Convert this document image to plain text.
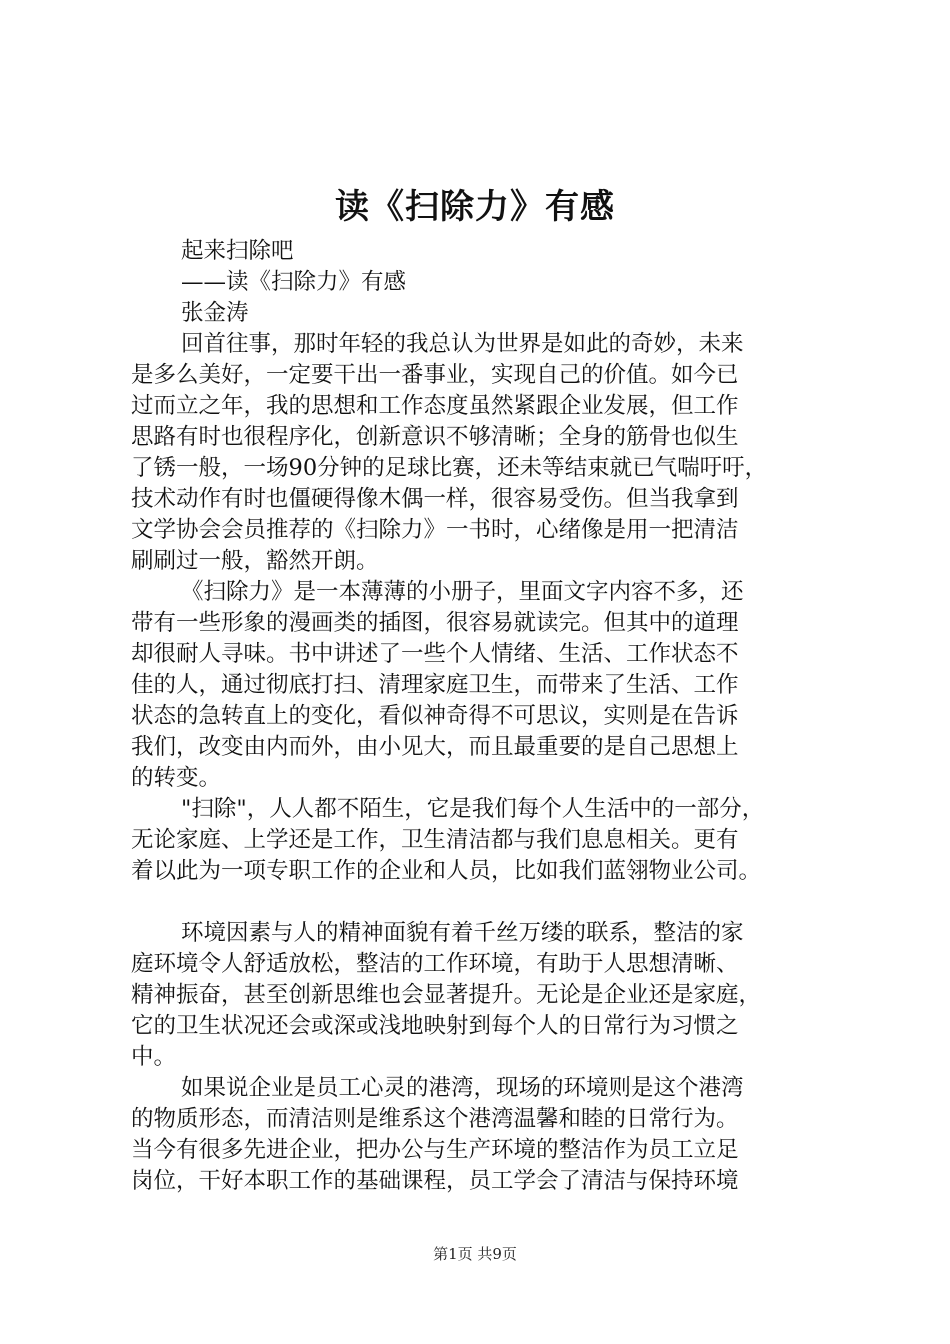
读《扫除力》有感
起来扫除吧
——读《扫除力》有感
张金涛
回首往事，那时年轻的我总认为世界是如此的奇妙，未来
是多么美好，一定要干出一番事业，实现自己的价值。如今已
过而立之年，我的思想和工作态度虽然紧跟企业发展，但工作
思路有时也很程序化，创新意识不够清晰；全身的筋骨也似生
了锈一般，一场90分钟的足球比赛，还未等结束就已气喘吁吁，
技术动作有时也僵硬得像木偶一样，很容易受伤。但当我拿到
文学协会会员推荐的《扫除力》一书时，心绪像是用一把清洁
刷刷过一般，豁然开朗。
《扫除力》是一本薄薄的小册子，里面文字内容不多，还
带有一些形象的漫画类的插图，很容易就读完。但其中的道理
却很耐人寻味。书中讲述了一些个人情绪、生活、工作状态不
佳的人，通过彻底打扫、清理家庭卫生，而带来了生活、工作
状态的急转直上的变化，看似神奇得不可思议，实则是在告诉
我们，改变由内而外，由小见大，而且最重要的是自己思想上
的转变。
"扫除"，人人都不陌生，它是我们每个人生活中的一部分，
无论家庭、上学还是工作，卫生清洁都与我们息息相关。更有
着以此为一项专职工作的企业和人员，比如我们蓝翎物业公司。
环境因素与人的精神面貌有着千丝万缕的联系，整洁的家
庭环境令人舒适放松，整洁的工作环境，有助于人思想清晰、
精神振奋，甚至创新思维也会显著提升。无论是企业还是家庭，
它的卫生状况还会或深或浅地映射到每个人的日常行为习惯之
中。
如果说企业是员工心灵的港湾，现场的环境则是这个港湾
的物质形态，而清洁则是维系这个港湾温馨和睦的日常行为。
当今有很多先进企业，把办公与生产环境的整洁作为员工立足
岗位，干好本职工作的基础课程，员工学会了清洁与保持环境
第1页 共9页
